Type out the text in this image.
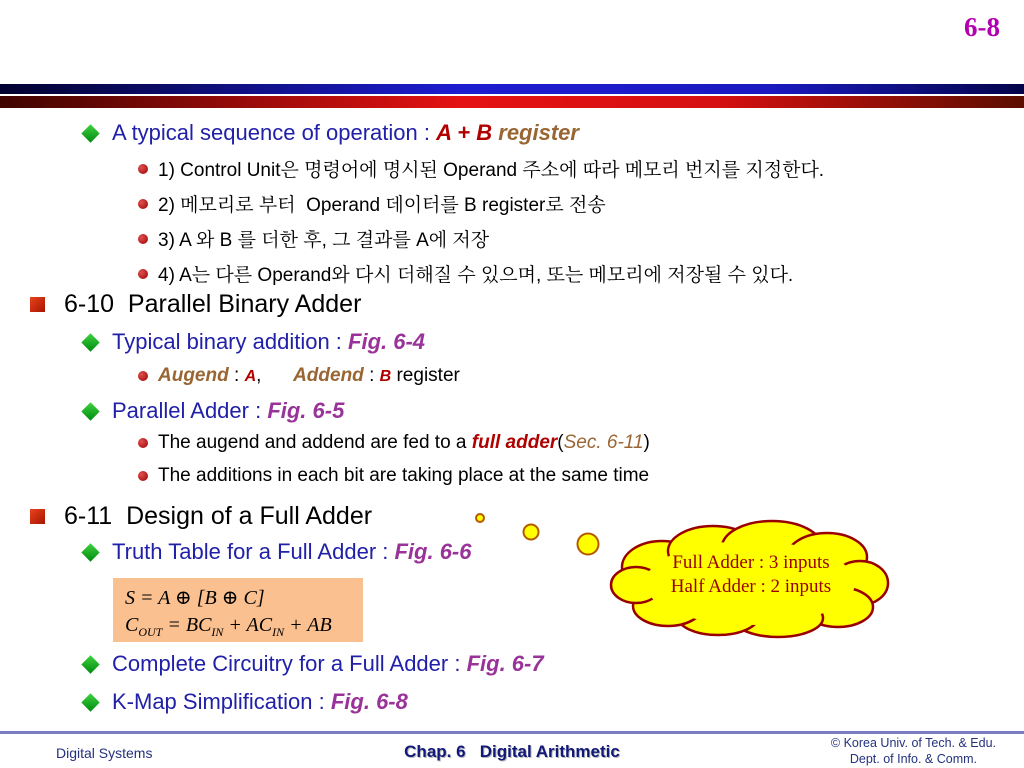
6-8
A typical sequence of operation : A + B register
1) Control Unit은 명령어에 명시된 Operand 주소에 따라 메모리 번지를 지정한다.
2) 메모리로 부터  Operand 데이터를 B register로 전송
3) A 와 B 를 더한 후, 그 결과를 A에 저장
4) A는 다른 Operand와 다시 더해질 수 있으며, 또는 메모리에 저장될 수 있다.
6-10  Parallel Binary Adder
Typical binary addition : Fig. 6-4
Augend : A,      Addend : B register
Parallel Adder : Fig. 6-5
The augend and addend are fed to a full adder(Sec. 6-11)
The additions in each bit are taking place at the same time
6-11  Design of a Full Adder
Truth Table for a Full Adder : Fig. 6-6
S = A ⊕ [B ⊕ C]
$C_{OUT} = BC_{IN} + AC_{IN}$ + AB
Full Adder : 3 inputs
Half Adder : 2 inputs
Complete Circuitry for a Full Adder : Fig. 6-7
K-Map Simplification : Fig. 6-8
Digital Systems	Chap. 6   Digital Arithmetic	© Korea Univ. of Tech. & Edu.
Dept. of Info. & Comm.
